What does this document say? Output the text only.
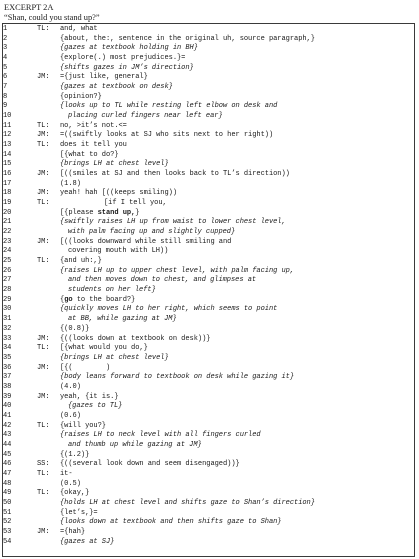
EXCERPT 2A
“Shan, could you stand up?”
1	TL: and, what
2	{about, the:, sentence in the original uh, source paragraph,}
3	{gazes at textbook holding in BH}
4	{explore(.) most prejudices.}=
5	{shifts gazes in JM’s direction}
6	JM: ={just like, general}
7	{gazes at textbook on desk}
8	{opinion?}
9	{looks up to TL while resting left elbow on desk and
10	placing curled fingers near left ear}
11	TL: no, >it’s not.<=
12	JM: =((swiftly looks at SJ who sits next to her right))
13	TL: does it tell you
14	[{what to do?}
15	{brings LH at chest level}
16	JM: [((smiles at SJ and then looks back to TL’s direction))
17	(1.8)
18	JM: yeah! hah [((keeps smiling))
19	TL:	[if I tell you,
20	[{please stand up,}
21	{swiftly raises LH up from waist to lower chest level,
22	with palm facing up and slightly cupped}
23	JM: [((looks downward while still smiling and
24	covering mouth with LH))
25	TL: {and uh:,}
26	{raises LH up to upper chest level, with palm facing up,
27	and then moves down to chest, and glimpses at
28	students on her left}
29	{go to the board?}
30	{quickly moves LH to her right, which seems to point
31	at BB, while gazing at JM}
32	{(0.8)}
33	JM: {((looks down at textbook on desk))}
34	TL: [{what would you do,}
35	{brings LH at chest level}
36	JM: [{(        )
37	{body leans forward to textbook on desk while gazing it}
38	(4.0)
39	JM: yeah, {it is.}
40	{gazes to TL}
41	(0.6)
42	TL: {will you?}
43	{raises LH to neck level with all fingers curled
44	and thumb up while gazing at JM}
45	{(1.2)}
46	SS: {((several look down and seem disengaged))}
47	TL: it-
48	(0.5)
49	TL: {okay,}
50	{holds LH at chest level and shifts gaze to Shan’s direction}
51	{let’s,}=
52	{looks down at textbook and then shifts gaze to Shan}
53	JM: ={hah}
54	{gazes at SJ}
